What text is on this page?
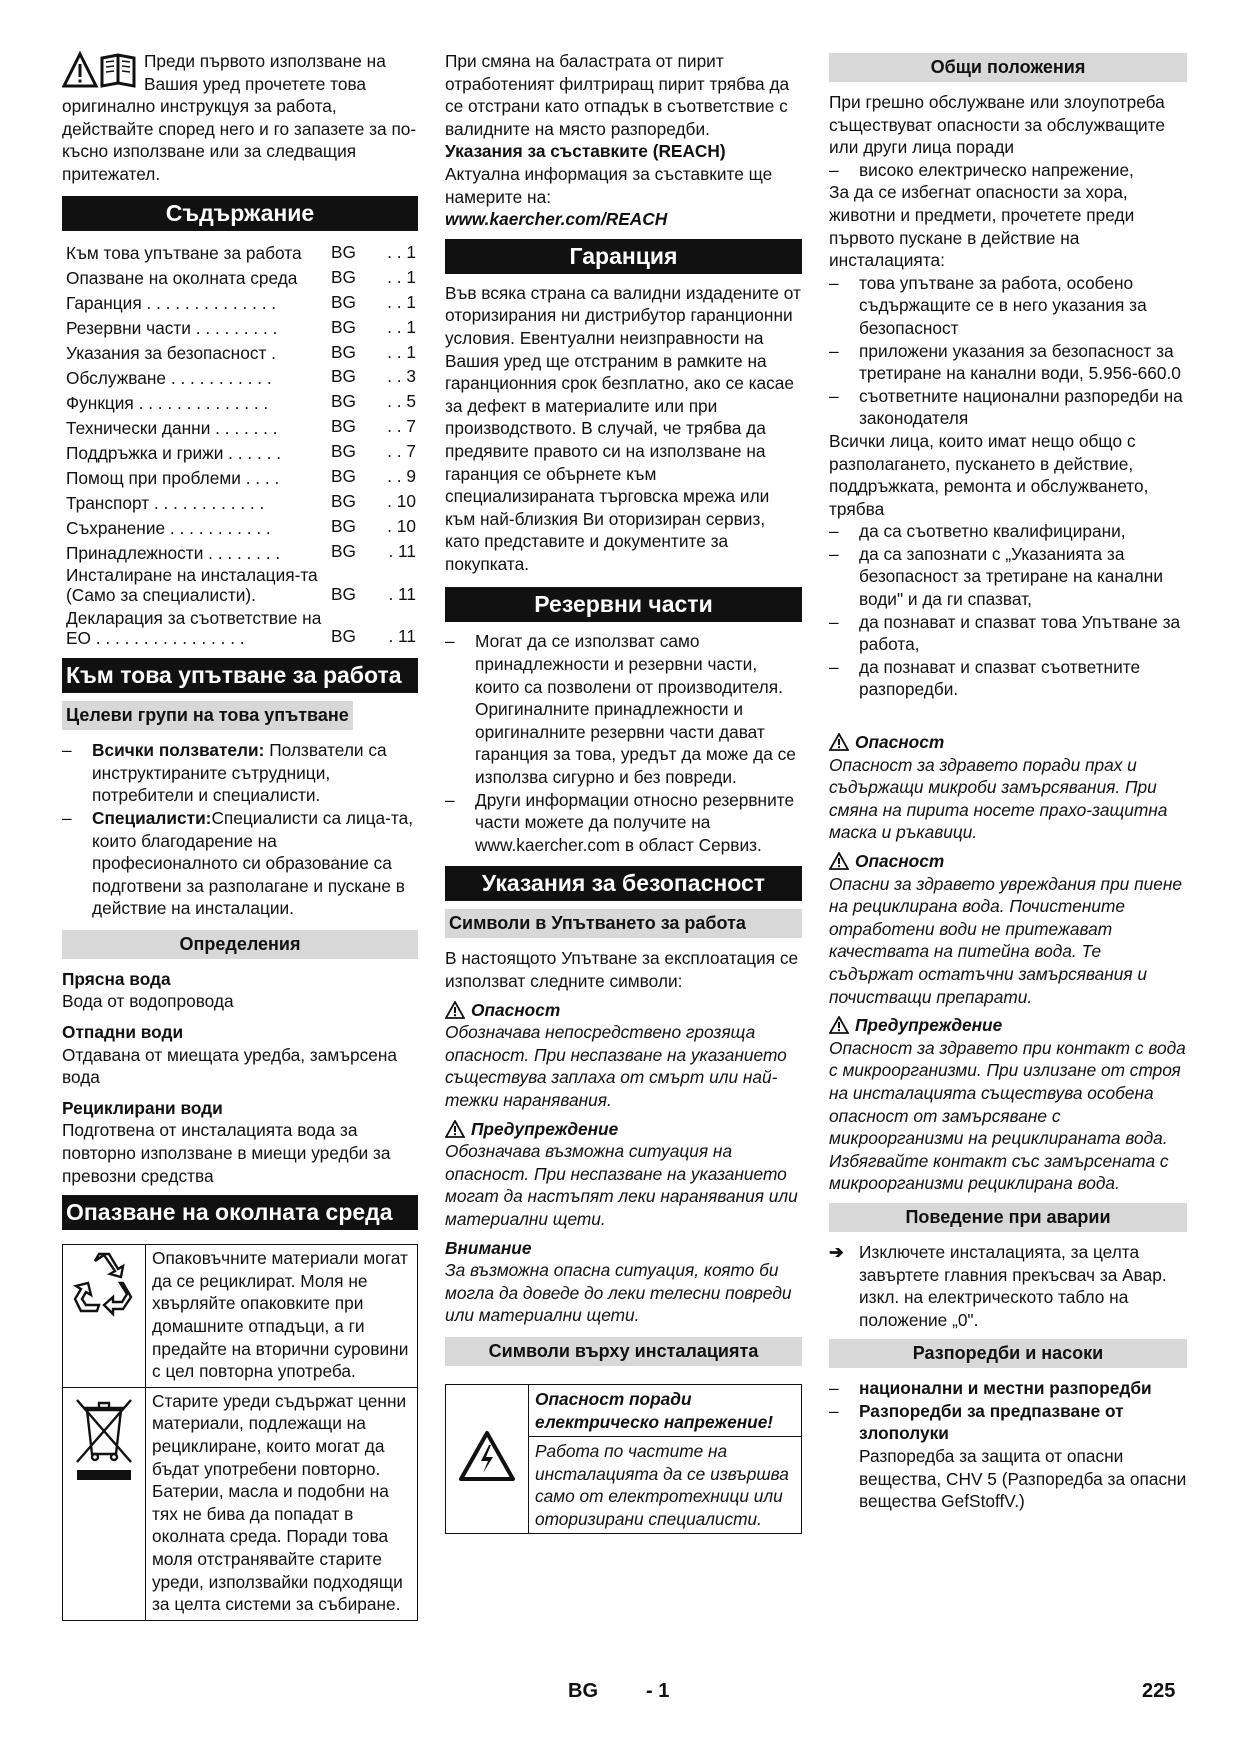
Преди първото използване на Вашия уред прочетете това оригинално инструкцуя за работа, действайте според него и го запазете за по-късно използване или за следващия притежател.

Съдържание
Към това упътване за работа	BG	. . 1
Опазване на околната среда	BG	. . 1
Гаранция . . . . . . . . . . . . . .	BG	. . 1
Резервни части . . . . . . . . .	BG	. . 1
Указания за безопасност .	BG	. . 1
Обслужване . . . . . . . . . . .	BG	. . 3
Функция . . . . . . . . . . . . . .	BG	. . 5
Технически данни . . . . . . .	BG	. . 7
Поддръжка и грижи . . . . . .	BG	. . 7
Помощ при проблеми . . . .	BG	. . 9
Транспорт . . . . . . . . . . . .	BG	. 10
Съхранение . . . . . . . . . . .	BG	. 10
Принадлежности . . . . . . . .	BG	. 11
Инсталиране на инсталация-та (Само за специалисти).	BG	. 11
Декларация за съответствие на ЕО . . . . . . . . . . . . . . . .	BG	. 11
Към това упътване за работа
Целеви групи на това упътване
– Всички ползватели: Ползватели са инструктираните сътрудници, потребители и специалисти.
– Специалисти:Специалисти са лица-та, които благодарение на професионалното си образование са подготвени за разполагане и пускане в действие на инсталации.
Определения

Прясна вода

Вода от водопровода

Отпадни води

Отдавана от миещата уредба, замърсена вода

Рециклирани води

Подготвена от инсталацията вода за повторно използване в миещи уредби за превозни средства

Опазване на околната среда
	Опаковъчните материали могат да се рециклират. Моля не хвърляйте опаковките при домашните отпадъци, а ги предайте на вторични суровини с цел повторна употреба.
	Старите уреди съдържат ценни материали, подлежащи на рециклиране, които могат да бъдат употребени повторно. Батерии, масла и подобни на тях не бива да попадат в околната среда. Поради това моля отстранявайте старите уреди, използвайки подходящи за целта системи за събиране.

При смяна на баластрата от пирит отработеният филтриращ пирит трябва да се отстрани като отпадък в съответствие с валидните на място разпоредби.

Указания за съставките (REACH)

Актуална информация за съставките ще намерите на:

www.kaercher.com/REACH

Гаранция

Във всяка страна са валидни издадените от оторизирания ни дистрибутор гаранционни условия. Евентуални неизправности на Вашия уред ще отстраним в рамките на гаранционния срок безплатно, ако се касае за дефект в материалите или при производството. В случай, че трябва да предявите правото си на използване на гаранция се обърнете към специализираната търговска мрежа или към най-близкия Ви оторизиран сервиз, като представите и документите за покупката.

Резервни части
– Могат да се използват само принадлежности и резервни части, които са позволени от производителя. Оригиналните принадлежности и оригиналните резервни части дават гаранция за това, уредът да може да се използва сигурно и без повреди.
– Други информации относно резервните части можете да получите на www.kaercher.com в област Сервиз.
Указания за безопасност
Символи в Упътването за работа

В настоящото Упътване за експлоатация се използват следните символи:

Опасност

Обозначава непосредствено грозяща опасност. При неспазване на указанието съществува заплаха от смърт или най-тежки наранявания.

Предупреждение

Обозначава възможна ситуация на опасност. При неспазване на указанието могат да настъпят леки наранявания или материални щети.

Внимание

За възможна опасна ситуация, която би могла да доведе до леки телесни повреди или материални щети.

Символи върху инсталацията
	Опасност поради електрическо напрежение!
Работа по частите на инсталацията да се извършва само от електротехници или оторизирани специалисти.
Общи положения

При грешно обслужване или злоупотреба съществуват опасности за обслужващите или други лица поради

– високо електрическо напрежение,

За да се избегнат опасности за хора, животни и предмети, прочетете преди първото пускане в действие на инсталацията:

– това упътване за работа, особено съдържащите се в него указания за безопасност
– приложени указания за безопасност за третиране на канални води, 5.956-660.0
– съответните национални разпоредби на законодателя

Всички лица, които имат нещо общо с разполагането, пускането в действие, поддръжката, ремонта и обслужването, трябва

– да са съответно квалифицирани,
– да са запознати с „Указанията за безопасност за третиране на канални води" и да ги спазват,
– да познават и спазват това Упътване за работа,
– да познават и спазват съответните разпоредби.
Опасност

Опасност за здравето поради прах и съдържащи микроби замърсявания. При смяна на пирита носете прахо-защитна маска и ръкавици.

Опасност

Опасни за здравето увреждания при пиене на рециклирана вода. Почистените отработени води не притежават качествата на питейна вода. Те съдържат остатъчни замърсявания и почистващи препарати.

Предупреждение

Опасност за здравето при контакт с вода с микроорганизми. При излизане от строя на инсталацията съществува особена опасност от замърсяване с микроорганизми на рециклираната вода. Избягвайте контакт със замърсената с микроорганизми рециклирана вода.

Поведение при аварии
➔ Изключете инсталацията, за целта завъртете главния прекъсвач за Авар. изкл. на електрическото табло на положение „0".
Разпоредби и насоки
– национални и местни разпоредби
– Разпоредби за предпазване от злополуки
Разпоредба за защита от опасни вещества, CHV 5 (Разпоредба за опасни вещества GefStoffV.)
BG - 1	225
